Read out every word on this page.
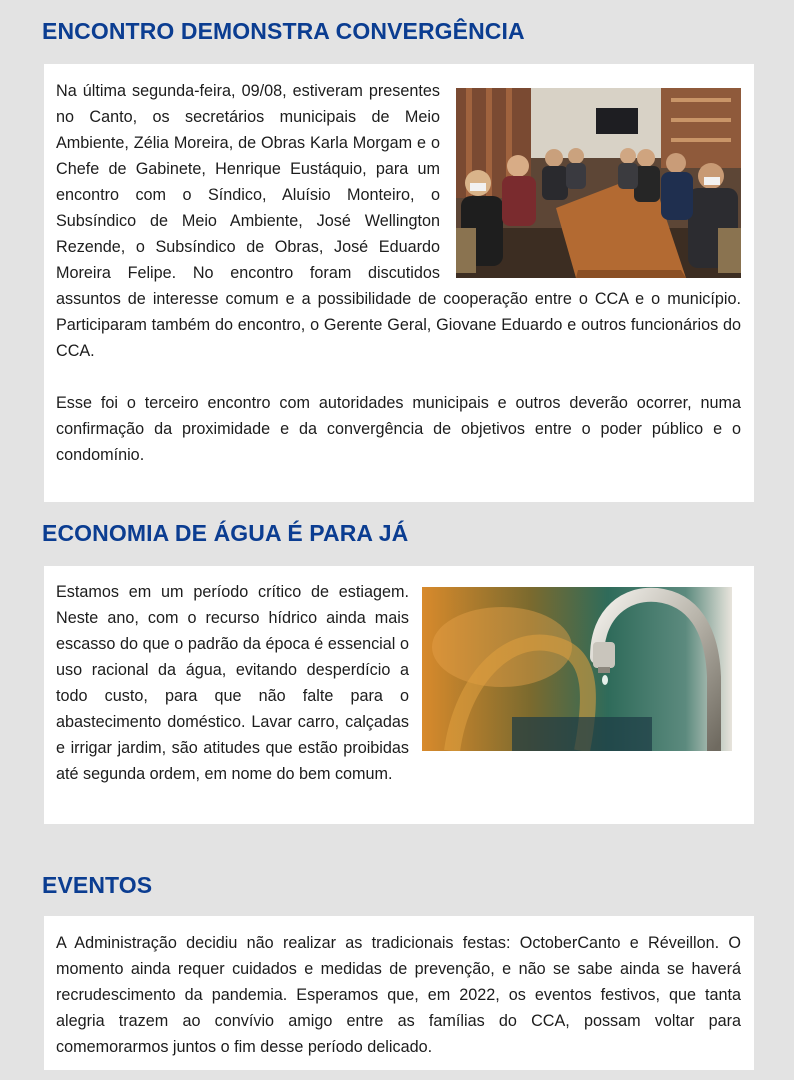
ENCONTRO DEMONSTRA CONVERGÊNCIA

Na última segunda-feira, 09/08, estiveram presentes no Canto, os secretários municipais de Meio Ambiente, Zélia Moreira, de Obras Karla Morgam e o Chefe de Gabinete, Henrique Eustáquio, para um encontro com o Síndico, Aluísio Monteiro, o Subsíndico de Meio Ambiente, José Wellington Rezende, o Subsíndico de Obras, José Eduardo Moreira Felipe. No encontro foram discutidos assuntos de interesse comum e a possibilidade de cooperação entre o CCA e o município. Participaram também do encontro, o Gerente Geral, Giovane Eduardo e outros funcionários do CCA.

Esse foi o terceiro encontro com autoridades municipais e outros deverão ocorrer, numa confirmação da proximidade e da convergência de objetivos entre o poder público e o condomínio.

ECONOMIA DE ÁGUA É PARA JÁ

Estamos em um período crítico de estiagem. Neste ano, com o recurso hídrico ainda mais escasso do que o padrão da época é essencial o uso racional da água, evitando desperdício a todo custo, para que não falte para o abastecimento doméstico. Lavar carro, calçadas e irrigar jardim, são atitudes que estão proibidas até segunda ordem, em nome do bem comum.

EVENTOS

A Administração decidiu não realizar as tradicionais festas: OctoberCanto e Réveillon. O momento ainda requer cuidados e medidas de prevenção, e não se sabe ainda se haverá recrudescimento da pandemia. Esperamos que, em 2022, os eventos festivos, que tanta alegria trazem ao convívio amigo entre as famílias do CCA, possam voltar para comemorarmos juntos o fim desse período delicado.
